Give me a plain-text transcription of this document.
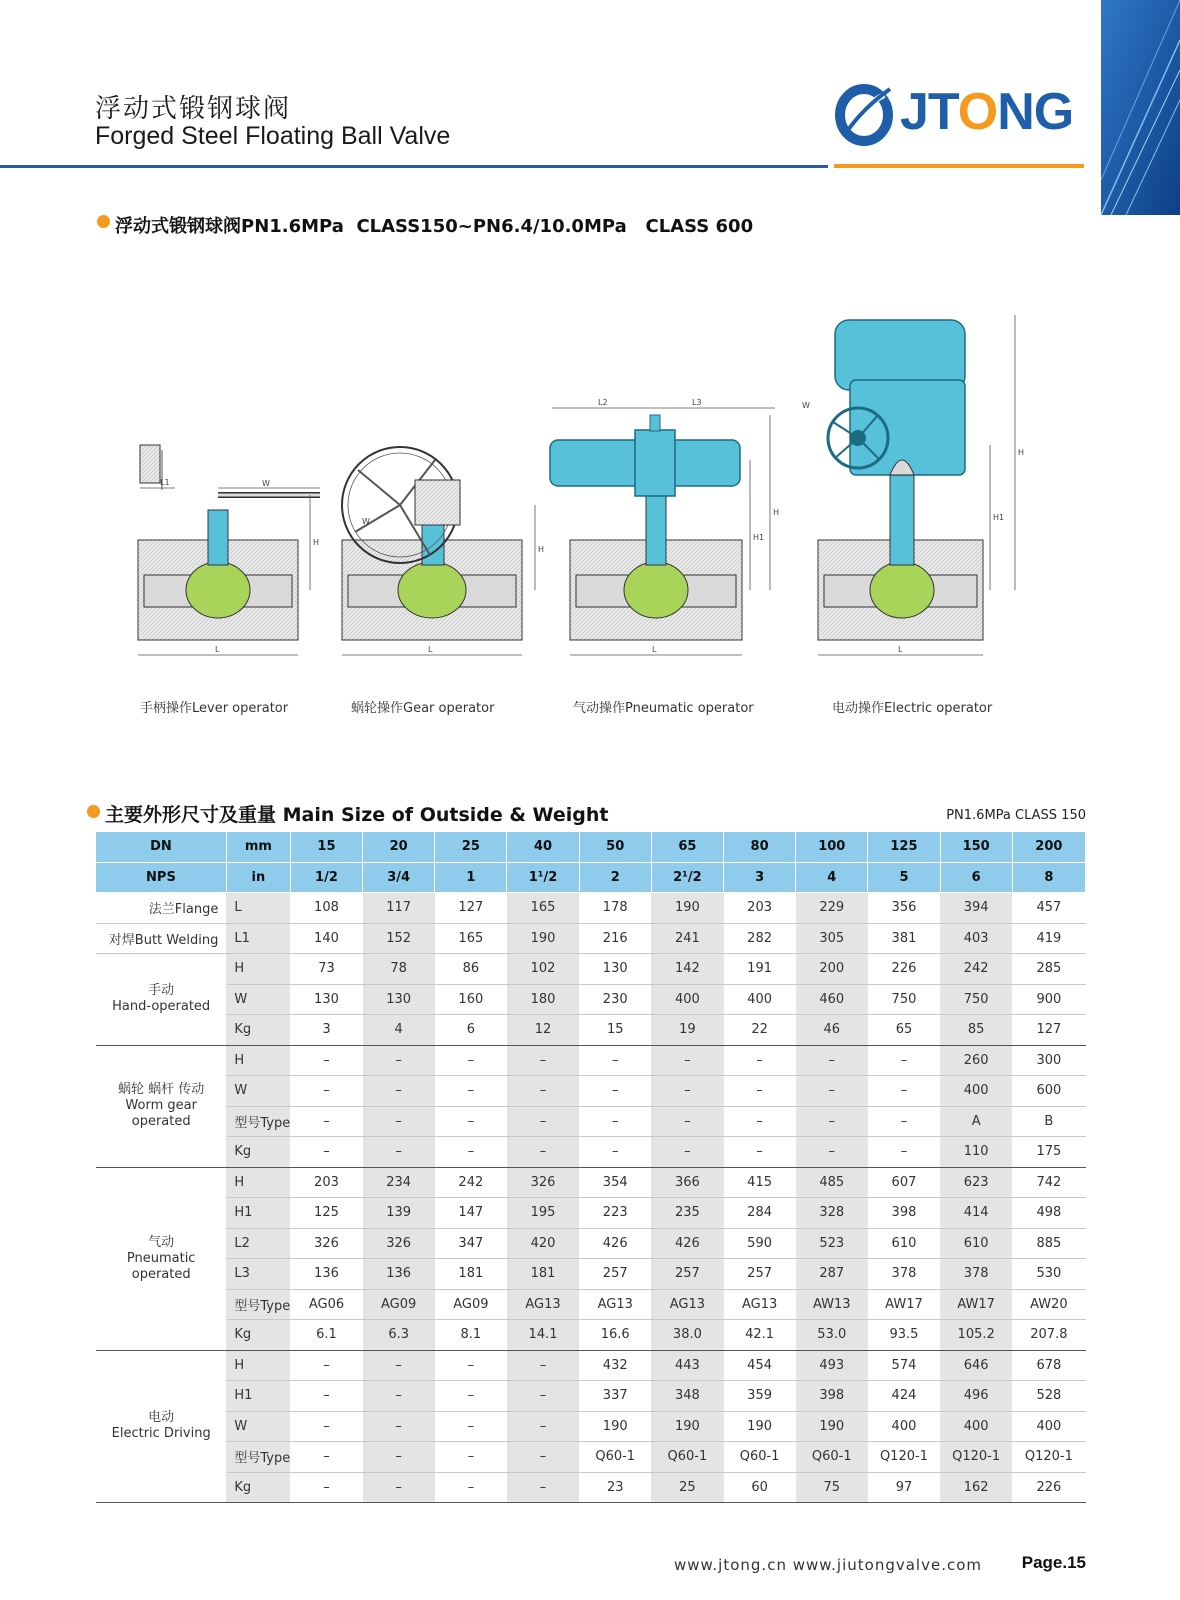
浮动式锻钢球阀
Forged Steel Floating Ball Valve	JTONG
浮动式锻钢球阀PN1.6MPa  CLASS150~PN6.4/10.0MPa   CLASS 600
L1	W
H
L
W
H
L
L2	L3
H1
H
L
W
H1
H
L
手柄操作Lever operator	蜗轮操作Gear operator	气动操作Pneumatic operator	电动操作Electric operator
主要外形尺寸及重量 Main Size of Outside & Weight	PN1.6MPa CLASS 150
DN	mm	15	20	25	40	50	65	80	100	125	150	200
NPS	in	1/2	3/4	1	1¹/2	2	2¹/2	3	4	5	6	8
法兰Flange	L	108	117	127	165	178	190	203	229	356	394	457
对焊Butt Welding	L1	140	152	165	190	216	241	282	305	381	403	419

手动
Hand-operated	H	73	78	86	102	130	142	191	200	226	242	285
	W	130	130	160	180	230	400	400	460	750	750	900
	Kg	3	4	6	12	15	19	22	46	65	85	127

蜗轮 蜗杆 传动
Worm gear operated	H	–	–	–	–	–	–	–	–	–	260	300
	W	–	–	–	–	–	–	–	–	–	400	600
	型号Type	–	–	–	–	–	–	–	–	–	A	B
	Kg	–	–	–	–	–	–	–	–	–	110	175

气动
Pneumatic operated	H	203	234	242	326	354	366	415	485	607	623	742
	H1	125	139	147	195	223	235	284	328	398	414	498
	L2	326	326	347	420	426	426	590	523	610	610	885
	L3	136	136	181	181	257	257	257	287	378	378	530
	型号Type	AG06	AG09	AG09	AG13	AG13	AG13	AG13	AW13	AW17	AW17	AW20
	Kg	6.1	6.3	8.1	14.1	16.6	38.0	42.1	53.0	93.5	105.2	207.8

电动
Electric Driving	H	–	–	–	–	432	443	454	493	574	646	678
	H1	–	–	–	–	337	348	359	398	424	496	528
	W	–	–	–	–	190	190	190	190	400	400	400
	型号Type	–	–	–	–	Q60-1	Q60-1	Q60-1	Q60-1	Q120-1	Q120-1	Q120-1
	Kg	–	–	–	–	23	25	60	75	97	162	226
www.jtong.cn www.jiutongvalve.com Page.15
